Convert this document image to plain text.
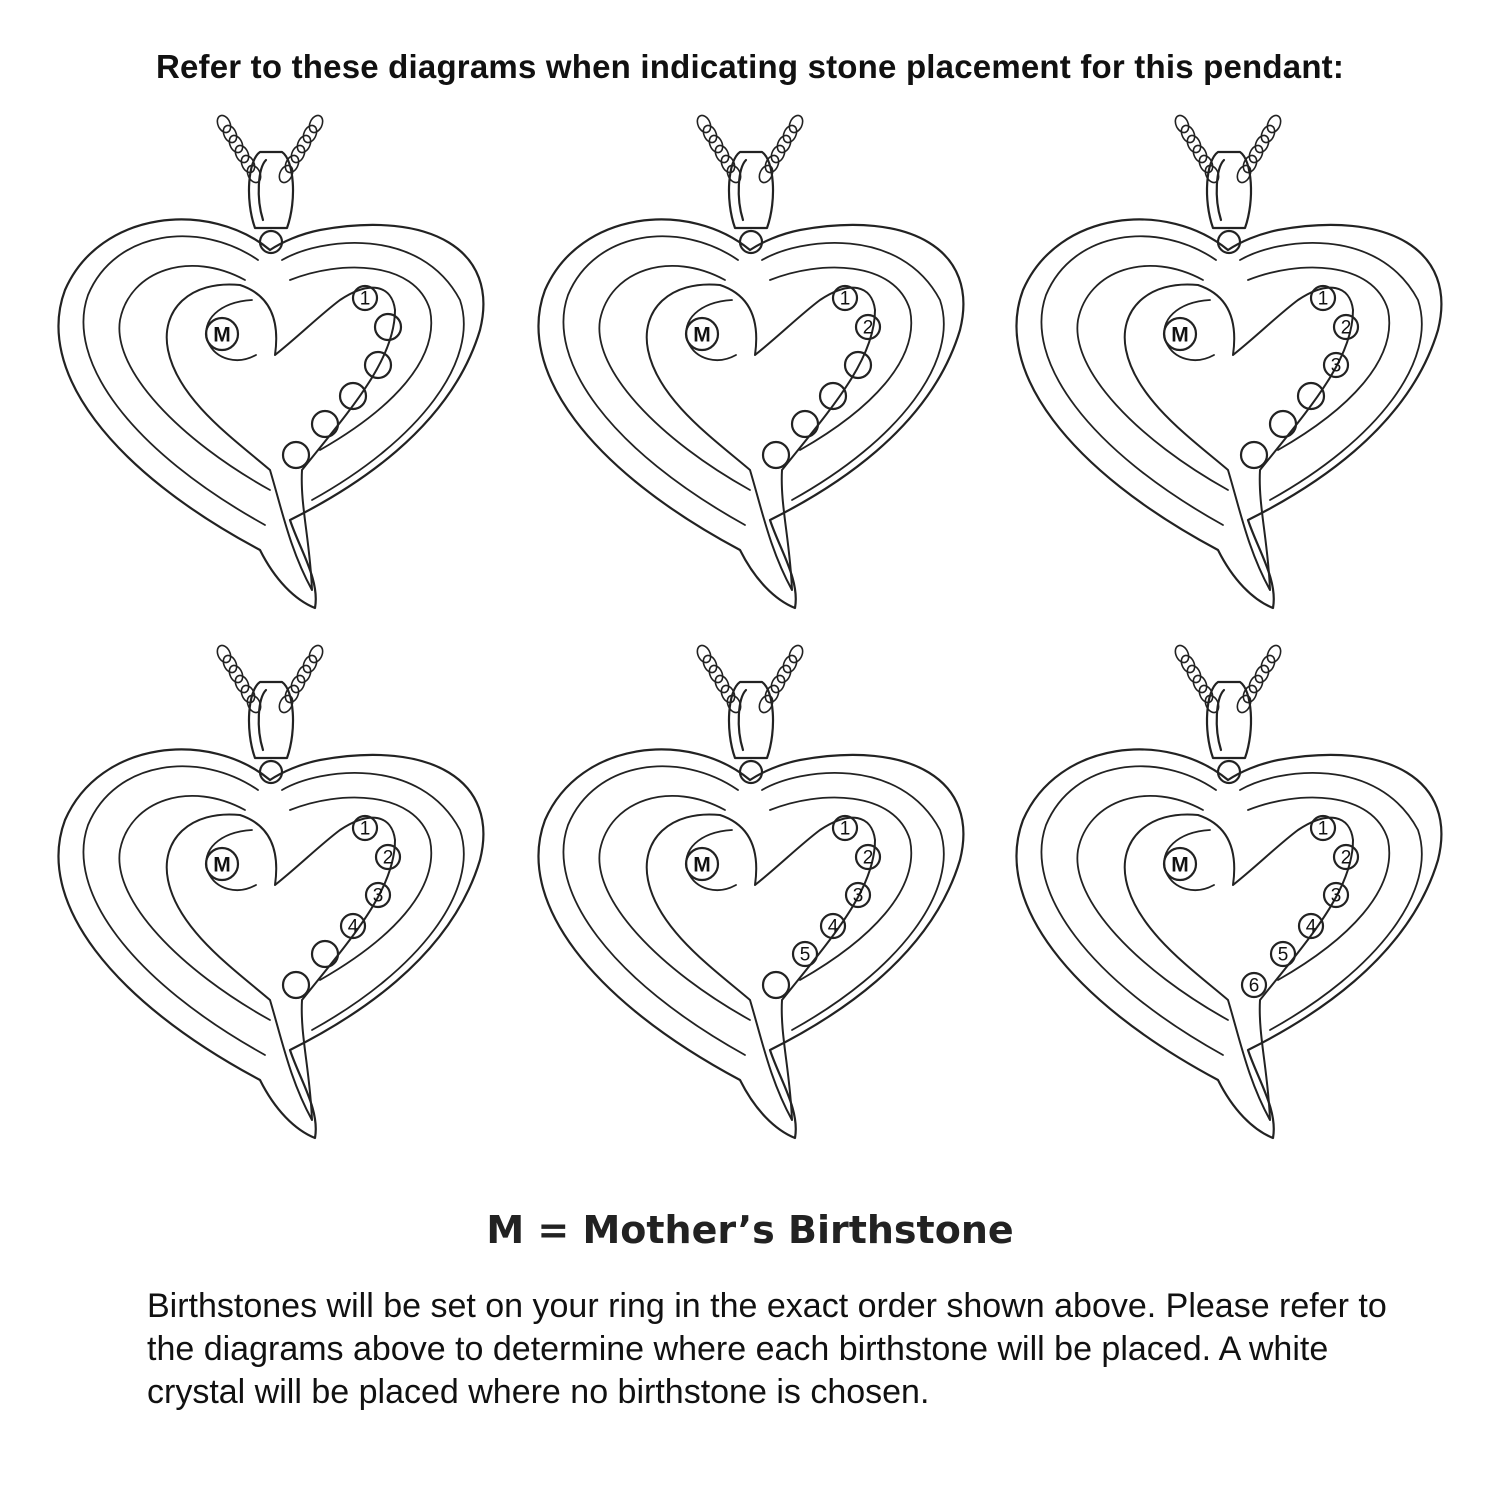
Refer to these diagrams when indicating stone placement for this pendant:
M
1
M
1
2	M
1
2
3
M
1
2
3
4
M
1
2
3
4
5
M
1
2
3
4
5
6
M = Mother’s Birthstone
Birthstones will be set on your ring in the exact order shown above. Please refer to the diagrams above to determine where each birthstone will be placed. A white crystal will be placed where no birthstone is chosen.
